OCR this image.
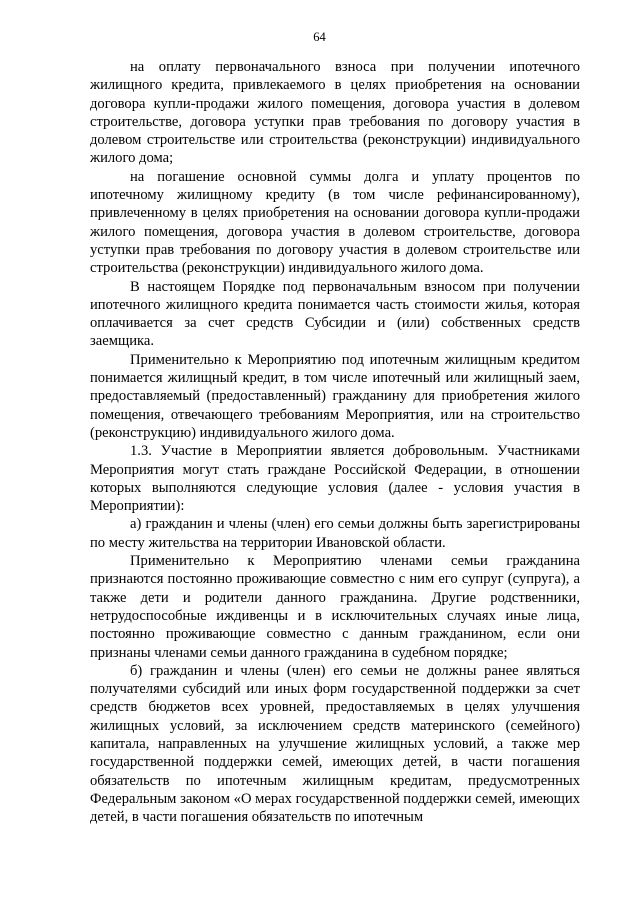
64

на оплату первоначального взноса при получении ипотечного жилищного кредита, привлекаемого в целях приобретения на основании договора купли-продажи жилого помещения, договора участия в долевом строительстве, договора уступки прав требования по договору участия в долевом строительстве или строительства (реконструкции) индивидуального жилого дома;

на погашение основной суммы долга и уплату процентов по ипотечному жилищному кредиту (в том числе рефинансированному), привлеченному в целях приобретения на основании договора купли-продажи жилого помещения, договора участия в долевом строительстве, договора уступки прав требования по договору участия в долевом строительстве или строительства (реконструкции) индивидуального жилого дома.

В настоящем Порядке под первоначальным взносом при получении ипотечного жилищного кредита понимается часть стоимости жилья, которая оплачивается за счет средств Субсидии и (или) собственных средств заемщика.

Применительно к Мероприятию под ипотечным жилищным кредитом понимается жилищный кредит, в том числе ипотечный или жилищный заем, предоставляемый (предоставленный) гражданину для приобретения жилого помещения, отвечающего требованиям Мероприятия, или на строительство (реконструкцию) индивидуального жилого дома.

1.3. Участие в Мероприятии является добровольным. Участниками Мероприятия могут стать граждане Российской Федерации, в отношении которых выполняются следующие условия (далее - условия участия в Мероприятии):

а) гражданин и члены (член) его семьи должны быть зарегистрированы по месту жительства на территории Ивановской области.

Применительно к Мероприятию членами семьи гражданина признаются постоянно проживающие совместно с ним его супруг (супруга), а также дети и родители данного гражданина. Другие родственники, нетрудоспособные иждивенцы и в исключительных случаях иные лица, постоянно проживающие совместно с данным гражданином, если они признаны членами семьи данного гражданина в судебном порядке;

б) гражданин и члены (член) его семьи не должны ранее являться получателями субсидий или иных форм государственной поддержки за счет средств бюджетов всех уровней, предоставляемых в целях улучшения жилищных условий, за исключением средств материнского (семейного) капитала, направленных на улучшение жилищных условий, а также мер государственной поддержки семей, имеющих детей, в части погашения обязательств по ипотечным жилищным кредитам, предусмотренных Федеральным законом «О мерах государственной поддержки семей, имеющих детей, в части погашения обязательств по ипотечным
